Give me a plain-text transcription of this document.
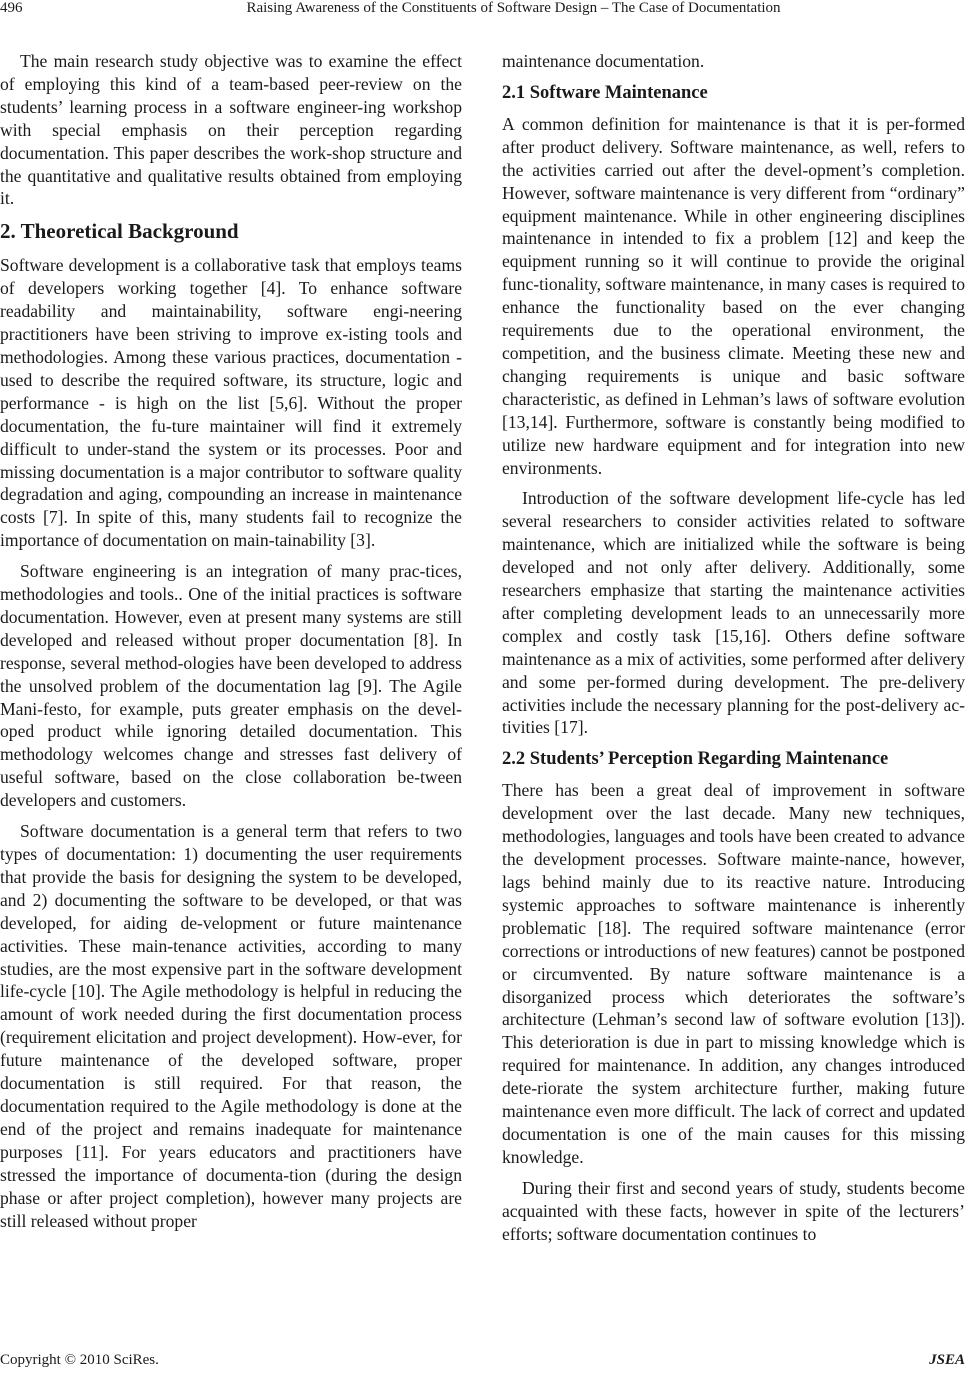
496	Raising Awareness of the Constituents of Software Design – The Case of Documentation

The main research study objective was to examine the effect of employing this kind of a team-based peer-review on the students’ learning process in a software engineer-ing workshop with special emphasis on their perception regarding documentation. This paper describes the work-shop structure and the quantitative and qualitative results obtained from employing it.

2. Theoretical Background

Software development is a collaborative task that employs teams of developers working together [4]. To enhance software readability and maintainability, software engi-neering practitioners have been striving to improve ex-isting tools and methodologies. Among these various practices, documentation - used to describe the required software, its structure, logic and performance - is high on the list [5,6]. Without the proper documentation, the fu-ture maintainer will find it extremely difficult to under-stand the system or its processes. Poor and missing documentation is a major contributor to software quality degradation and aging, compounding an increase in maintenance costs [7]. In spite of this, many students fail to recognize the importance of documentation on main-tainability [3].

Software engineering is an integration of many prac-tices, methodologies and tools.. One of the initial practices is software documentation. However, even at present many systems are still developed and released without proper documentation [8]. In response, several method-ologies have been developed to address the unsolved problem of the documentation lag [9]. The Agile Mani-festo, for example, puts greater emphasis on the devel-oped product while ignoring detailed documentation. This methodology welcomes change and stresses fast delivery of useful software, based on the close collaboration be-tween developers and customers.

Software documentation is a general term that refers to two types of documentation: 1) documenting the user requirements that provide the basis for designing the system to be developed, and 2) documenting the software to be developed, or that was developed, for aiding de-velopment or future maintenance activities. These main-tenance activities, according to many studies, are the most expensive part in the software development life-cycle [10]. The Agile methodology is helpful in reducing the amount of work needed during the first documentation process (requirement elicitation and project development). How-ever, for future maintenance of the developed software, proper documentation is still required. For that reason, the documentation required to the Agile methodology is done at the end of the project and remains inadequate for maintenance purposes [11]. For years educators and practitioners have stressed the importance of documenta-tion (during the design phase or after project completion), however many projects are still released without proper

maintenance documentation.

2.1 Software Maintenance

A common definition for maintenance is that it is per-formed after product delivery. Software maintenance, as well, refers to the activities carried out after the devel-opment’s completion. However, software maintenance is very different from “ordinary” equipment maintenance. While in other engineering disciplines maintenance in intended to fix a problem [12] and keep the equipment running so it will continue to provide the original func-tionality, software maintenance, in many cases is required to enhance the functionality based on the ever changing requirements due to the operational environment, the competition, and the business climate. Meeting these new and changing requirements is unique and basic software characteristic, as defined in Lehman’s laws of software evolution [13,14]. Furthermore, software is constantly being modified to utilize new hardware equipment and for integration into new environments.

Introduction of the software development life-cycle has led several researchers to consider activities related to software maintenance, which are initialized while the software is being developed and not only after delivery. Additionally, some researchers emphasize that starting the maintenance activities after completing development leads to an unnecessarily more complex and costly task [15,16]. Others define software maintenance as a mix of activities, some performed after delivery and some per-formed during development. The pre-delivery activities include the necessary planning for the post-delivery ac-tivities [17].

2.2 Students’ Perception Regarding Maintenance

There has been a great deal of improvement in software development over the last decade. Many new techniques, methodologies, languages and tools have been created to advance the development processes. Software mainte-nance, however, lags behind mainly due to its reactive nature. Introducing systemic approaches to software maintenance is inherently problematic [18]. The required software maintenance (error corrections or introductions of new features) cannot be postponed or circumvented. By nature software maintenance is a disorganized process which deteriorates the software’s architecture (Lehman’s second law of software evolution [13]). This deterioration is due in part to missing knowledge which is required for maintenance. In addition, any changes introduced dete-riorate the system architecture further, making future maintenance even more difficult. The lack of correct and updated documentation is one of the main causes for this missing knowledge.

During their first and second years of study, students become acquainted with these facts, however in spite of the lecturers’ efforts; software documentation continues to

Copyright © 2010 SciRes.	JSEA
